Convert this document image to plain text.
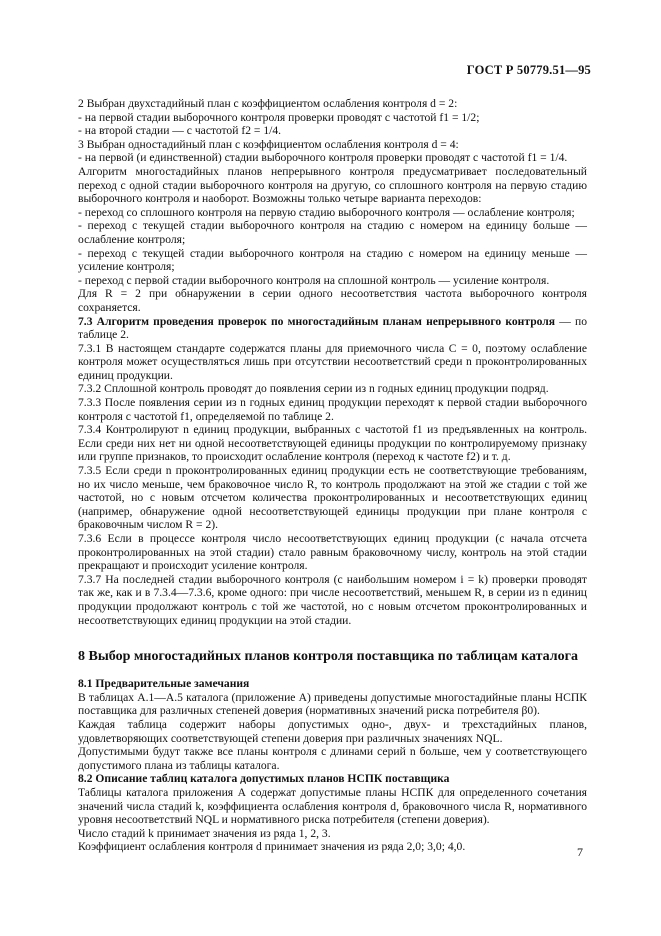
ГОСТ Р 50779.51—95

2 Выбран двухстадийный план с коэффициентом ослабления контроля d = 2:

- на первой стадии выборочного контроля проверки проводят с частотой f1 = 1/2;

- на второй стадии — с частотой f2 = 1/4.

3 Выбран одностадийный план с коэффициентом ослабления контроля d = 4:

- на первой (и единственной) стадии выборочного контроля проверки проводят с частотой f1 = 1/4.

Алгоритм многостадийных планов непрерывного контроля предусматривает последовательный переход с одной стадии выборочного контроля на другую, со сплошного контроля на первую стадию выборочного контроля и наоборот. Возможны только четыре варианта переходов:

- переход со сплошного контроля на первую стадию выборочного контроля — ослабление контроля;

- переход с текущей стадии выборочного контроля на стадию с номером на единицу больше — ослабление контроля;

- переход с текущей стадии выборочного контроля на стадию с номером на единицу меньше — усиление контроля;

- переход с первой стадии выборочного контроля на сплошной контроль — усиление контроля.

Для R = 2 при обнаружении в серии одного несоответствия частота выборочного контроля сохраняется.

7.3 Алгоритм проведения проверок по многостадийным планам непрерывного контроля — по таблице 2.

7.3.1 В настоящем стандарте содержатся планы для приемочного числа C = 0, поэтому ослабление контроля может осуществляться лишь при отсутствии несоответствий среди n проконтролированных единиц продукции.

7.3.2 Сплошной контроль проводят до появления серии из n годных единиц продукции подряд.

7.3.3 После появления серии из n годных единиц продукции переходят к первой стадии выборочного контроля с частотой f1, определяемой по таблице 2.

7.3.4 Контролируют n единиц продукции, выбранных с частотой f1 из предъявленных на контроль. Если среди них нет ни одной несоответствующей единицы продукции по контролируемому признаку или группе признаков, то происходит ослабление контроля (переход к частоте f2) и т. д.

7.3.5 Если среди n проконтролированных единиц продукции есть не соответствующие требованиям, но их число меньше, чем браковочное число R, то контроль продолжают на этой же стадии с той же частотой, но с новым отсчетом количества проконтролированных и несоответствующих единиц (например, обнаружение одной несоответствующей единицы продукции при плане контроля с браковочным числом R = 2).

7.3.6 Если в процессе контроля число несоответствующих единиц продукции (с начала отсчета проконтролированных на этой стадии) стало равным браковочному числу, контроль на этой стадии прекращают и происходит усиление контроля.

7.3.7 На последней стадии выборочного контроля (с наибольшим номером i = k) проверки проводят так же, как и в 7.3.4—7.3.6, кроме одного: при числе несоответствий, меньшем R, в серии из n единиц продукции продолжают контроль с той же частотой, но с новым отсчетом проконтролированных и несоответствующих единиц продукции на этой стадии.

8 Выбор многостадийных планов контроля поставщика по таблицам каталога

8.1 Предварительные замечания

В таблицах А.1—А.5 каталога (приложение А) приведены допустимые многостадийные планы НСПК поставщика для различных степеней доверия (нормативных значений риска потребителя β0).

Каждая таблица содержит наборы допустимых одно-, двух- и трехстадийных планов, удовлетворяющих соответствующей степени доверия при различных значениях NQL.

Допустимыми будут также все планы контроля с длинами серий n больше, чем у соответствующего допустимого плана из таблицы каталога.

8.2 Описание таблиц каталога допустимых планов НСПК поставщика

Таблицы каталога приложения А содержат допустимые планы НСПК для определенного сочетания значений числа стадий k, коэффициента ослабления контроля d, браковочного числа R, нормативного уровня несоответствий NQL и нормативного риска потребителя (степени доверия).

Число стадий k принимает значения из ряда 1, 2, 3.

Коэффициент ослабления контроля d принимает значения из ряда 2,0; 3,0; 4,0.	7
